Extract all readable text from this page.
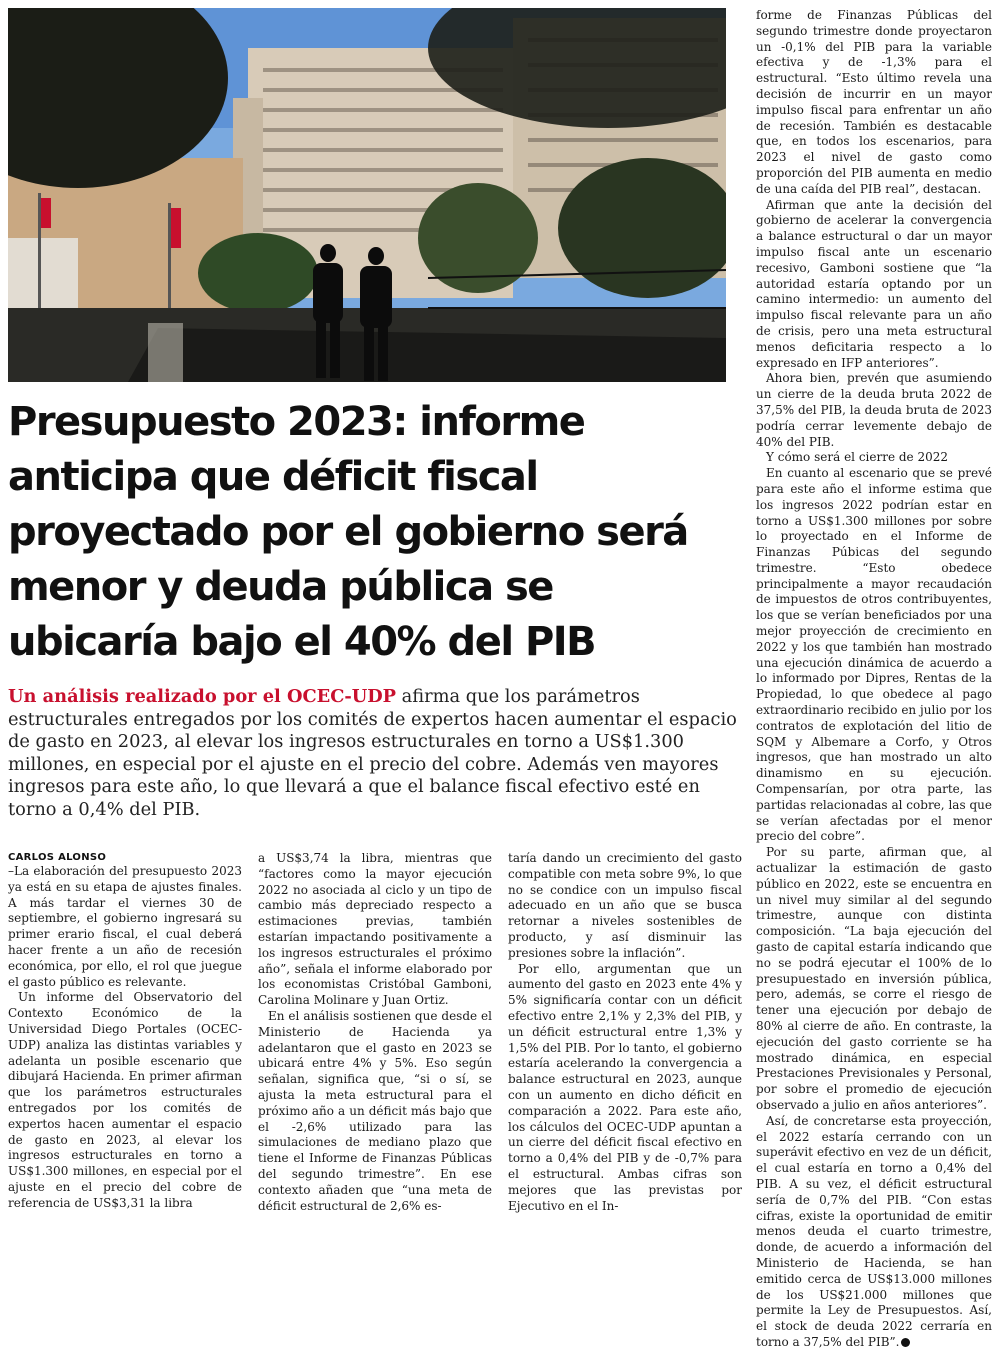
Presupuesto 2023: informe
anticipa que déficit fiscal
proyectado por el gobierno será
menor y deuda pública se
ubicaría bajo el 40% del PIB
Un análisis realizado por el OCEC-UDP afirma que los parámetros estructurales entregados por los comités de expertos hacen aumentar el espacio de gasto en 2023, al elevar los ingresos estructurales en torno a US$1.300 millones, en especial por el ajuste en el precio del cobre. Además ven mayores ingresos para este año, lo que llevará a que el balance fiscal efectivo esté en torno a 0,4% del PIB.
CARLOS ALONSO

–La elaboración del presupuesto 2023 ya está en su etapa de ajustes finales. A más tardar el viernes 30 de septiembre, el gobierno ingresará su primer erario fiscal, el cual deberá hacer frente a un año de recesión económica, por ello, el rol que juegue el gasto público es relevante.

Un informe del Observatorio del Contexto Económico de la Universidad Diego Portales (OCEC-UDP) analiza las distintas variables y adelanta un posible escenario que dibujará Hacienda. En primer afirman que los parámetros estructurales entregados por los comités de expertos hacen aumentar el espacio de gasto en 2023, al elevar los ingresos estructurales en torno a US$1.300 millones, en especial por el ajuste en el precio del cobre de referencia de US$3,31 la libra

a US$3,74 la libra, mientras que “factores como la mayor ejecución 2022 no asociada al ciclo y un tipo de cambio más depreciado respecto a estimaciones previas, también estarían impactando positivamente a los ingresos estructurales el próximo año”, señala el informe elaborado por los economistas Cristóbal Gamboni, Carolina Molinare y Juan Ortiz.

En el análisis sostienen que desde el Ministerio de Hacienda ya adelantaron que el gasto en 2023 se ubicará entre 4% y 5%. Eso según señalan, significa que, “si o sí, se ajusta la meta estructural para el próximo año a un déficit más bajo que el -2,6% utilizado para las simulaciones de mediano plazo que tiene el Informe de Finanzas Públicas del segundo trimestre”. En ese contexto añaden que “una meta de déficit estructural de 2,6% es-

taría dando un crecimiento del gasto compatible con meta sobre 9%, lo que no se condice con un impulso fiscal adecuado en un año que se busca retornar a niveles sostenibles de producto, y así disminuir las presiones sobre la inflación”.

Por ello, argumentan que un aumento del gasto en 2023 ente 4% y 5% significaría contar con un déficit efectivo entre 2,1% y 2,3% del PIB, y un déficit estructural entre 1,3% y 1,5% del PIB. Por lo tanto, el gobierno estaría acelerando la convergencia a balance estructural en 2023, aunque con un aumento en dicho déficit en comparación a 2022. Para este año, los cálculos del OCEC-UDP apuntan a un cierre del déficit fiscal efectivo en torno a 0,4% del PIB y de -0,7% para el estructural. Ambas cifras son mejores que las previstas por Ejecutivo en el In-

forme de Finanzas Públicas del segundo trimestre donde proyectaron un -0,1% del PIB para la variable efectiva y de -1,3% para el estructural. “Esto último revela una decisión de incurrir en un mayor impulso fiscal para enfrentar un año de recesión. También es destacable que, en todos los escenarios, para 2023 el nivel de gasto como proporción del PIB aumenta en medio de una caída del PIB real”, destacan.

Afirman que ante la decisión del gobierno de acelerar la convergencia a balance estructural o dar un mayor impulso fiscal ante un escenario recesivo, Gamboni sostiene que “la autoridad estaría optando por un camino intermedio: un aumento del impulso fiscal relevante para un año de crisis, pero una meta estructural menos deficitaria respecto a lo expresado en IFP anteriores”.

Ahora bien, prevén que asumiendo un cierre de la deuda bruta 2022 de 37,5% del PIB, la deuda bruta de 2023 podría cerrar levemente debajo de 40% del PIB.

Y cómo será el cierre de 2022

En cuanto al escenario que se prevé para este año el informe estima que los ingresos 2022 podrían estar en torno a US$1.300 millones por sobre lo proyectado en el Informe de Finanzas Púbicas del segundo trimestre. “Esto obedece principalmente a mayor recaudación de impuestos de otros contribuyentes, los que se verían beneficiados por una mejor proyección de crecimiento en 2022 y los que también han mostrado una ejecución dinámica de acuerdo a lo informado por Dipres, Rentas de la Propiedad, lo que obedece al pago extraordinario recibido en julio por los contratos de explotación del litio de SQM y Albemare a Corfo, y Otros ingresos, que han mostrado un alto dinamismo en su ejecución. Compensarían, por otra parte, las partidas relacionadas al cobre, las que se verían afectadas por el menor precio del cobre”.

Por su parte, afirman que, al actualizar la estimación de gasto público en 2022, este se encuentra en un nivel muy similar al del segundo trimestre, aunque con distinta composición. “La baja ejecución del gasto de capital estaría indicando que no se podrá ejecutar el 100% de lo presupuestado en inversión pública, pero, además, se corre el riesgo de tener una ejecución por debajo de 80% al cierre de año. En contraste, la ejecución del gasto corriente se ha mostrado dinámica, en especial Prestaciones Previsionales y Personal, por sobre el promedio de ejecución observado a julio en años anteriores”.

Así, de concretarse esta proyección, el 2022 estaría cerrando con un superávit efectivo en vez de un déficit, el cual estaría en torno a 0,4% del PIB. A su vez, el déficit estructural sería de 0,7% del PIB. “Con estas cifras, existe la oportunidad de emitir menos deuda el cuarto trimestre, donde, de acuerdo a información del Ministerio de Hacienda, se han emitido cerca de US$13.000 millones de los US$21.000 millones que permite la Ley de Presupuestos. Así, el stock de deuda 2022 cerraría en torno a 37,5% del PIB”.
